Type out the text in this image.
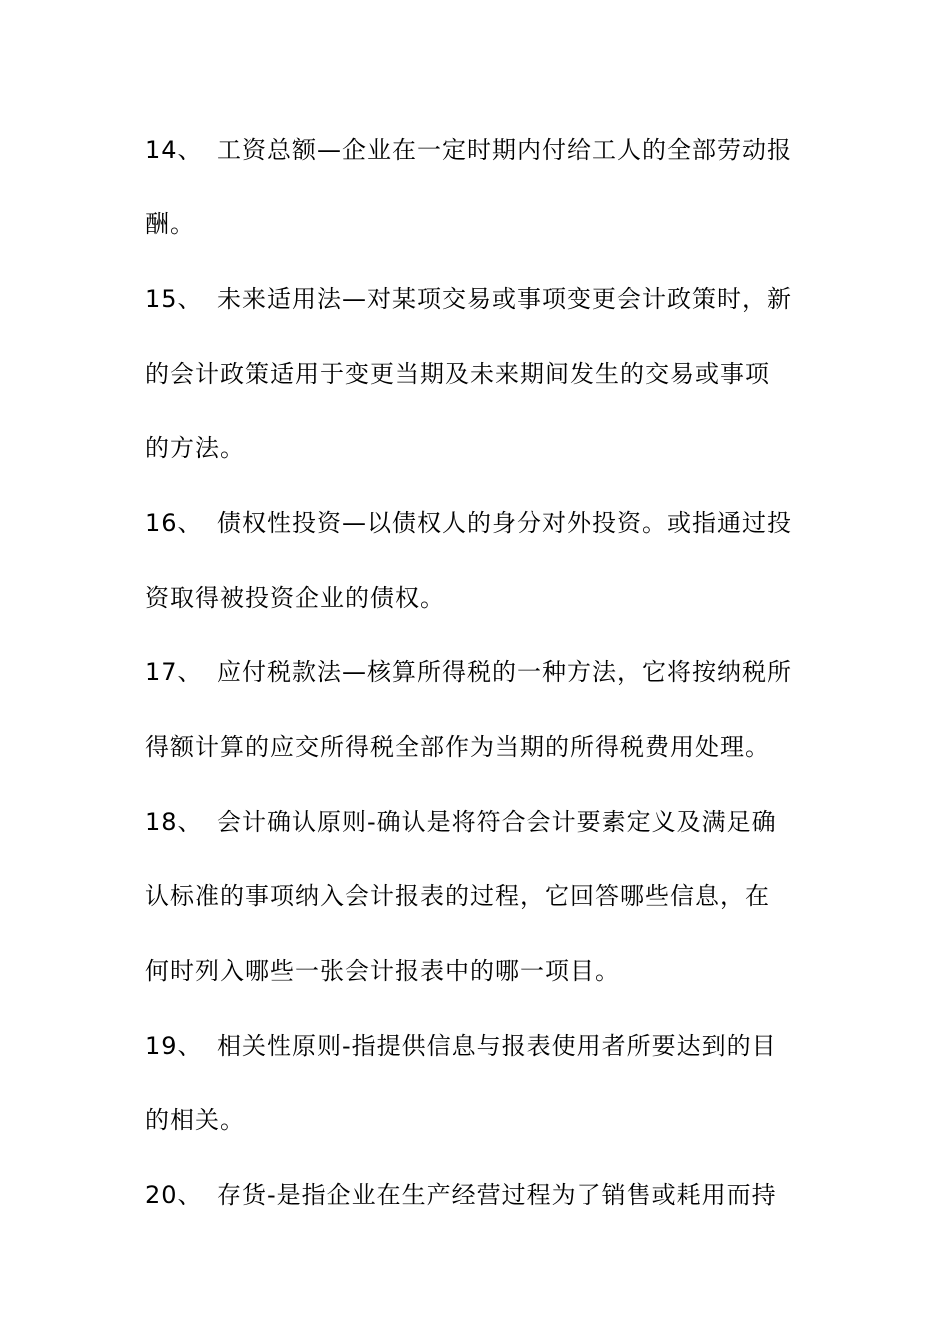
14、 工资总额—企业在一定时期内付给工人的全部劳动报
酬。
15、 未来适用法—对某项交易或事项变更会计政策时，新
的会计政策适用于变更当期及未来期间发生的交易或事项
的方法。
16、 债权性投资—以债权人的身分对外投资。或指通过投
资取得被投资企业的债权。
17、 应付税款法—核算所得税的一种方法，它将按纳税所
得额计算的应交所得税全部作为当期的所得税费用处理。
18、 会计确认原则-确认是将符合会计要素定义及满足确
认标准的事项纳入会计报表的过程，它回答哪些信息，在
何时列入哪些一张会计报表中的哪一项目。
19、 相关性原则-指提供信息与报表使用者所要达到的目
的相关。
20、 存货-是指企业在生产经营过程为了销售或耗用而持
